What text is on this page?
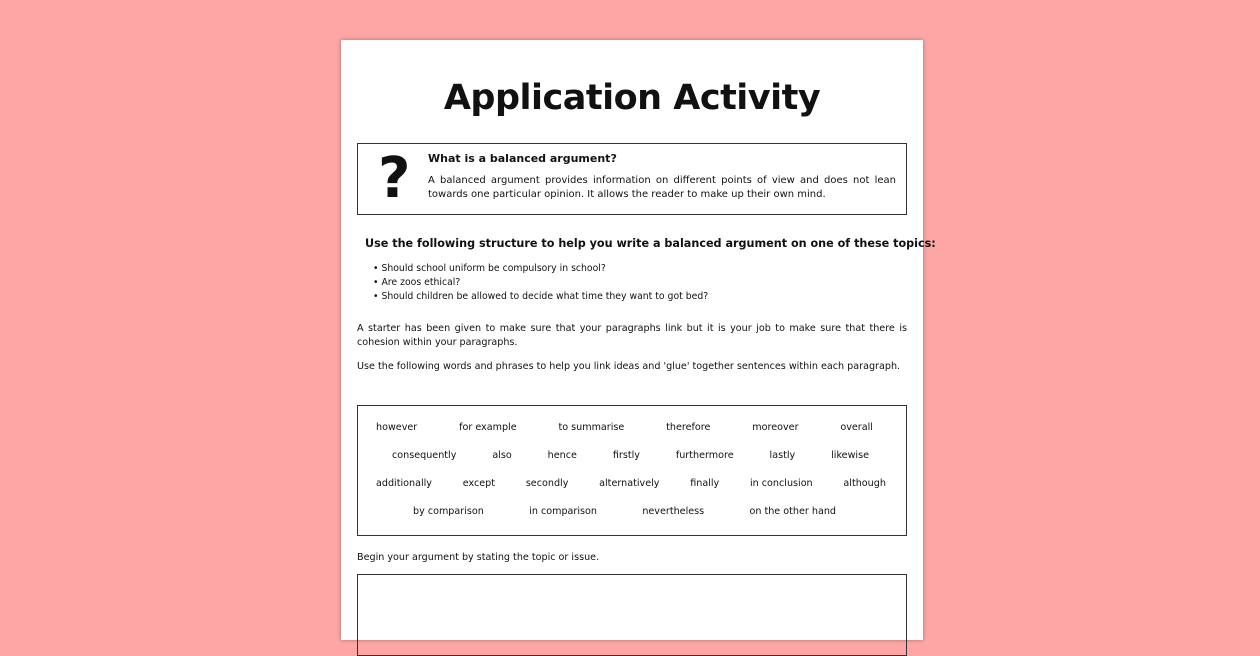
Application Activity
? What is a balanced argument?
A balanced argument provides information on different points of view and does not lean towards one particular opinion. It allows the reader to make up their own mind.
Use the following structure to help you write a balanced argument on one of these topics:
• Should school uniform be compulsory in school?
• Are zoos ethical?
• Should children be allowed to decide what time they want to got bed?
A starter has been given to make sure that your paragraphs link but it is your job to make sure that there is cohesion within your paragraphs.
Use the following words and phrases to help you link ideas and 'glue' together sentences within each paragraph.
however	for example	to summarise	therefore	moreover	overall
consequently	also	hence	firstly	furthermore	lastly	likewise
additionally	except	secondly	alternatively	finally	in conclusion	although
by comparison	in comparison	nevertheless	on the other hand
Begin your argument by stating the topic or issue.
